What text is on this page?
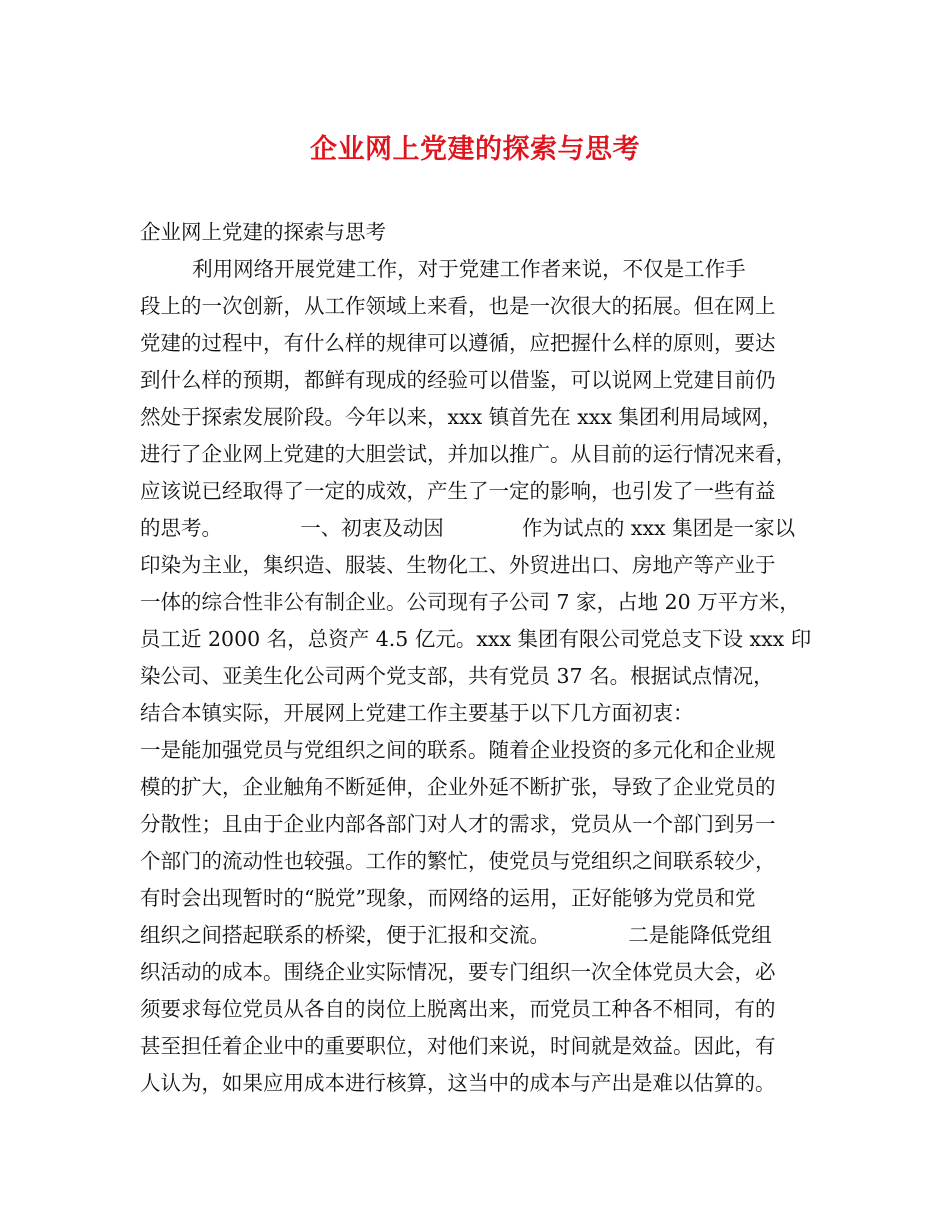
企业网上党建的探索与思考
企业网上党建的探索与思考
利用网络开展党建工作，对于党建工作者来说，不仅是工作手
段上的一次创新，从工作领域上来看，也是一次很大的拓展。但在网上
党建的过程中，有什么样的规律可以遵循，应把握什么样的原则，要达
到什么样的预期，都鲜有现成的经验可以借鉴，可以说网上党建目前仍
然处于探索发展阶段。今年以来，xxx 镇首先在 xxx 集团利用局域网，
进行了企业网上党建的大胆尝试，并加以推广。从目前的运行情况来看，
应该说已经取得了一定的成效，产生了一定的影响，也引发了一些有益
的思考。            一、初衷及动因            作为试点的 xxx 集团是一家以
印染为主业，集织造、服装、生物化工、外贸进出口、房地产等产业于
一体的综合性非公有制企业。公司现有子公司 7 家，占地 20 万平方米，
员工近 2000 名，总资产 4.5 亿元。xxx 集团有限公司党总支下设 xxx 印
染公司、亚美生化公司两个党支部，共有党员 37 名。根据试点情况，
结合本镇实际，开展网上党建工作主要基于以下几方面初衷：
一是能加强党员与党组织之间的联系。随着企业投资的多元化和企业规
模的扩大，企业触角不断延伸，企业外延不断扩张，导致了企业党员的
分散性；且由于企业内部各部门对人才的需求，党员从一个部门到另一
个部门的流动性也较强。工作的繁忙，使党员与党组织之间联系较少，
有时会出现暂时的“脱党”现象，而网络的运用，正好能够为党员和党
组织之间搭起联系的桥梁，便于汇报和交流。            二是能降低党组
织活动的成本。围绕企业实际情况，要专门组织一次全体党员大会，必
须要求每位党员从各自的岗位上脱离出来，而党员工种各不相同，有的
甚至担任着企业中的重要职位，对他们来说，时间就是效益。因此，有
人认为，如果应用成本进行核算，这当中的成本与产出是难以估算的。
